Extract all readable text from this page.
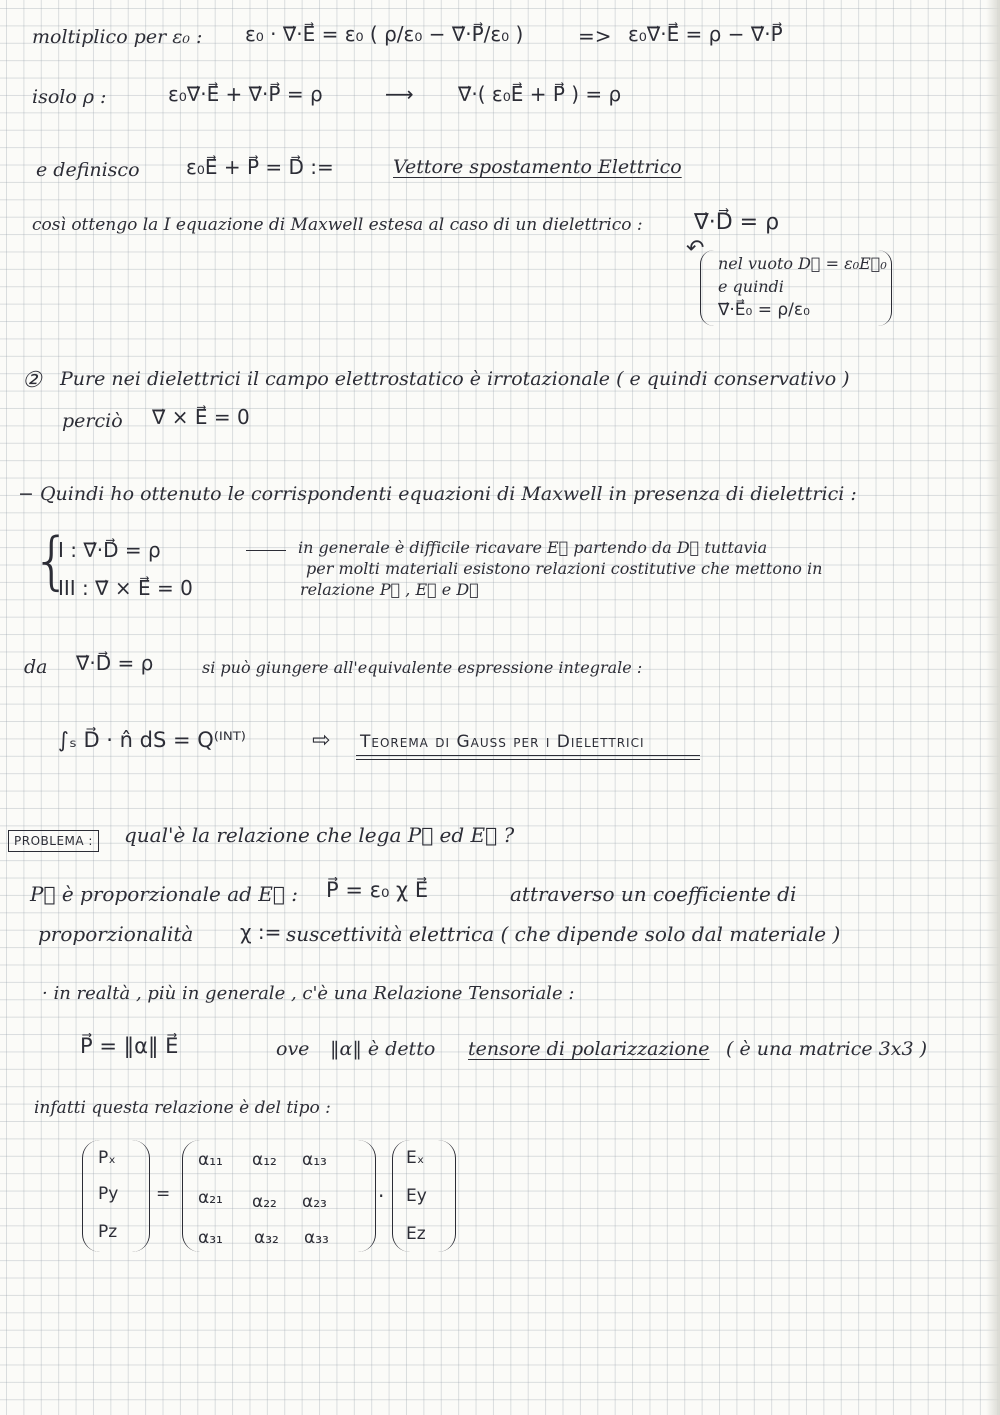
moltiplico per ε₀ : ε₀ · ∇⃗·E⃗ = ε₀ ( ρ/ε₀ − ∇⃗·P⃗/ε₀ )	=> ε₀∇⃗·E⃗ = ρ − ∇⃗·P⃗
isolo ρ :	ε₀∇⃗·E⃗ + ∇⃗·P⃗ = ρ	⟶ ∇⃗·( ε₀E⃗ + P⃗ ) = ρ
e definisco ε₀E⃗ + P⃗ = D⃗ :=	Vettore spostamento Elettrico
così ottengo la I equazione di Maxwell estesa al caso di un dielettrico : ∇⃗·D⃗ = ρ
↶
nel vuoto D⃗ = ε₀E⃗₀
e quindi
∇⃗·E⃗₀ = ρ/ε₀
② Pure nei dielettrici il campo elettrostatico è irrotazionale ( e quindi conservativo )
perciò ∇⃗ × E⃗ = 0
− Quindi ho ottenuto le corrispondenti equazioni di Maxwell in presenza di dielettrici :
{
I : ∇⃗·D⃗ = ρ
III : ∇⃗ × E⃗ = 0
in generale è difficile ricavare E⃗ partendo da D⃗ tuttavia
per molti materiali esistono relazioni costitutive che mettono in
relazione P⃗ , E⃗ e D⃗
da ∇⃗·D⃗ = ρ	si può giungere all'equivalente espressione integrale :
∫ₛ D⃗ · n̂ dS = Q⁽ᴵᴺᵀ⁾	⇨ Teorema di Gauss per i Dielettrici
PROBLEMA :	qual'è la relazione che lega P⃗ ed E⃗ ?
P⃗ è proporzionale ad E⃗ : P⃗ = ε₀ χ E⃗	attraverso un coefficiente di
proporzionalità χ := suscettività elettrica ( che dipende solo dal materiale )
· in realtà , più in generale , c'è una Relazione Tensoriale :
P⃗ = ‖α‖ E⃗	ove ‖α‖ è detto tensore di polarizzazione ( è una matrice 3x3 )
infatti questa relazione è del tipo :
Pₓ
Py
Pz
=
α₁₁ α₁₂ α₁₃
α₂₁ α₂₂ α₂₃
α₃₁ α₃₂ α₃₃
·
Eₓ
Ey
Ez
